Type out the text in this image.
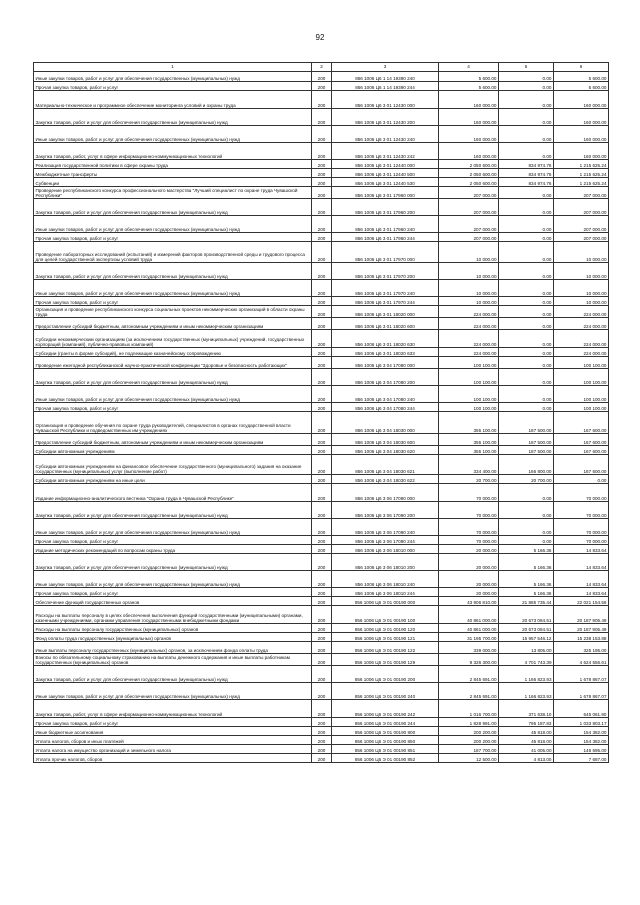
92
1	2	3	4	5	6
Иные закупки товаров, работ и услуг для обеспечения государственных (муниципальных) нужд	200	856 1006 Ц6 1 14 19390 240	5 600.00	0.00	5 600.00
Прочая закупка товаров, работ и услуг	200	856 1006 Ц6 1 14 19390 244	5 600.00	0.00	5 600.00
Материально-техническое и программное обеспечение мониторинга условий и охраны труда	200	856 1006 Ц6 3 01 12430 000	160 000.00	0.00	160 000.00
Закупка товаров, работ и услуг для обеспечения государственных (муниципальных) нужд	200	856 1006 Ц6 3 01 12430 200	160 000.00	0.00	160 000.00
Иные закупки товаров, работ и услуг для обеспечения государственных (муниципальных) нужд	200	856 1006 Ц6 3 01 12430 240	160 000.00	0.00	160 000.00
Закупка товаров, работ, услуг в сфере информационно-коммуникационных технологий	200	856 1006 Ц6 3 01 12430 242	160 000.00	0.00	160 000.00
Реализация государственной политики в сфере охраны труда	200	856 1006 Ц6 3 01 12440 000	2 050 600.00	834 974.76	1 215 625.24
Межбюджетные трансферты	200	856 1006 Ц6 3 01 12440 500	2 050 600.00	834 974.76	1 215 625.24
Субвенции	200	856 1006 Ц6 3 01 12440 530	2 050 600.00	834 974.76	1 215 625.24
Проведение республиканского конкурса профессионального мастерства "Лучший специалист по охране труда Чувашской Республики"	200	856 1006 Ц6 3 01 17960 000	207 000.00	0.00	207 000.00
Закупка товаров, работ и услуг для обеспечения государственных (муниципальных) нужд	200	856 1006 Ц6 3 01 17960 200	207 000.00	0.00	207 000.00
Иные закупки товаров, работ и услуг для обеспечения государственных (муниципальных) нужд	200	856 1006 Ц6 3 01 17960 240	207 000.00	0.00	207 000.00
Прочая закупка товаров, работ и услуг	200	856 1006 Ц6 3 01 17960 244	207 000.00	0.00	207 000.00
Проведение лабораторных исследований (испытаний) и измерений факторов производственной среды и трудового процесса для целей государственной экспертизы условий труда	200	856 1006 Ц6 3 01 17970 000	10 000.00	0.00	10 000.00
Закупка товаров, работ и услуг для обеспечения государственных (муниципальных) нужд	200	856 1006 Ц6 3 01 17970 200	10 000.00	0.00	10 000.00
Иные закупки товаров, работ и услуг для обеспечения государственных (муниципальных) нужд	200	856 1006 Ц6 3 01 17970 240	10 000.00	0.00	10 000.00
Прочая закупка товаров, работ и услуг	200	856 1006 Ц6 3 01 17970 244	10 000.00	0.00	10 000.00
Организация и проведение республиканского конкурса социальных проектов некоммерческих организаций в области охраны труда	200	856 1006 Ц6 3 01 18020 000	224 000.00	0.00	224 000.00
Предоставление субсидий бюджетным, автономным учреждениям и иным некоммерческим организациям	200	856 1006 Ц6 3 01 18020 600	224 000.00	0.00	224 000.00
Субсидии некоммерческим организациям (за исключением государственных (муниципальных) учреждений, государственных корпораций (компаний), публично-правовых компаний)	200	856 1006 Ц6 3 01 18020 630	224 000.00	0.00	224 000.00
Субсидии (гранты в форме субсидий), не подлежащие казначейскому сопровождению	200	856 1006 Ц6 3 01 18020 633	224 000.00	0.00	224 000.00
Проведение ежегодной республиканской научно-практической конференции "Здоровье и безопасность работающих"	200	856 1006 Ц6 3 04 17080 000	100 100.00	0.00	100 100.00
Закупка товаров, работ и услуг для обеспечения государственных (муниципальных) нужд	200	856 1006 Ц6 3 04 17080 200	100 100.00	0.00	100 100.00
Иные закупки товаров, работ и услуг для обеспечения государственных (муниципальных) нужд	200	856 1006 Ц6 3 04 17080 240	100 100.00	0.00	100 100.00
Прочая закупка товаров, работ и услуг	200	856 1006 Ц6 3 04 17080 244	100 100.00	0.00	100 100.00
Организация и проведение обучения по охране труда руководителей, специалистов в органах государственной власти Чувашской Республики и подведомственных им учреждениях	200	856 1006 Ц6 3 04 18030 000	355 100.00	187 500.00	167 600.00
Предоставление субсидий бюджетным, автономным учреждениям и иным некоммерческим организациям	200	856 1006 Ц6 3 04 18030 600	355 100.00	187 500.00	167 600.00
Субсидии автономным учреждениям	200	856 1006 Ц6 3 04 18030 620	355 100.00	187 500.00	167 600.00
Субсидии автономным учреждениям на финансовое обеспечение государственного (муниципального) задания на оказание государственных (муниципальных) услуг (выполнение работ)	200	856 1006 Ц6 3 04 18030 621	334 400.00	166 800.00	167 600.00
Субсидии автономным учреждениям на иные цели	200	856 1006 Ц6 3 04 18030 622	20 700.00	20 700.00	0.00
Издание информационно-аналитического вестника "Охрана труда в Чувашской Республике"	200	856 1006 Ц6 3 06 17090 000	70 000.00	0.00	70 000.00
Закупка товаров, работ и услуг для обеспечения государственных (муниципальных) нужд	200	856 1006 Ц6 3 06 17090 200	70 000.00	0.00	70 000.00
Иные закупки товаров, работ и услуг для обеспечения государственных (муниципальных) нужд	200	856 1006 Ц6 3 06 17090 240	70 000.00	0.00	70 000.00
Прочая закупка товаров, работ и услуг	200	856 1006 Ц6 3 06 17090 244	70 000.00	0.00	70 000.00
Издание методических рекомендаций по вопросам охраны труда	200	856 1006 Ц6 3 06 18010 000	20 000.00	5 166.36	14 833.64
Закупка товаров, работ и услуг для обеспечения государственных (муниципальных) нужд	200	856 1006 Ц6 3 06 18010 200	20 000.00	5 166.36	14 833.64
Иные закупки товаров, работ и услуг для обеспечения государственных (муниципальных) нужд	200	856 1006 Ц6 3 06 18010 240	20 000.00	5 166.36	14 833.64
Прочая закупка товаров, работ и услуг	200	856 1006 Ц6 3 06 18010 244	20 000.00	5 166.36	14 833.64
Обеспечение функций государственных органов	200	856 1006 Ц6 Э 01 00190 000	43 906 810.00	21 885 735.44	22 021 154.56
Расходы на выплаты персоналу в целях обеспечения выполнения функций государственными (муниципальными) органами, казенными учреждениями, органами управления государственными внебюджетными фондами	200	856 1006 Ц6 Э 01 00190 100	40 861 000.00	20 673 084.51	20 187 905.49
Расходы на выплаты персоналу государственных (муниципальных) органов	200	856 1006 Ц6 Э 01 00190 120	40 861 000.00	20 673 084.51	20 187 905.49
Фонд оплаты труда государственных (муниципальных) органов	200	856 1006 Ц6 Э 01 00190 121	31 195 700.00	15 957 546.12	15 238 153.88
Иные выплаты персоналу государственных (муниципальных) органов, за исключением фонда оплаты труда	200	856 1006 Ц6 Э 01 00190 122	339 000.00	13 805.00	325 195.00
Взносы по обязательному социальному страхованию на выплаты денежного содержания и иные выплаты работникам государственных (муниципальных) органов	200	856 1006 Ц6 Э 01 00190 129	9 326 300.00	4 701 743.39	4 624 556.61
Закупка товаров, работ и услуг для обеспечения государственных (муниципальных) нужд	200	856 1006 Ц6 Э 01 00190 200	2 845 691.00	1 166 823.93	1 678 867.07
Иные закупки товаров, работ и услуг для обеспечения государственных (муниципальных) нужд	200	856 1006 Ц6 Э 01 00190 240	2 845 691.00	1 166 823.93	1 678 867.07
Закупка товаров, работ, услуг в сфере информационно-коммуникационных технологий	200	856 1006 Ц6 Э 01 00190 242	1 016 700.00	371 638.10	645 061.90
Прочая закупка товаров, работ и услуг	200	856 1006 Ц6 Э 01 00190 244	1 828 991.00	795 187.83	1 033 803.17
Иные бюджетные ассигнования	200	856 1006 Ц6 Э 01 00190 800	200 200.00	45 818.00	154 382.00
Уплата налогов, сборов и иных платежей	200	856 1006 Ц6 Э 01 00190 850	200 200.00	45 818.00	154 382.00
Уплата налога на имущество организаций и земельного налога	200	856 1006 Ц6 Э 01 00190 851	187 700.00	41 005.00	146 695.00
Уплата прочих налогов, сборов	200	856 1006 Ц6 Э 01 00190 852	12 500.00	4 813.00	7 687.00
